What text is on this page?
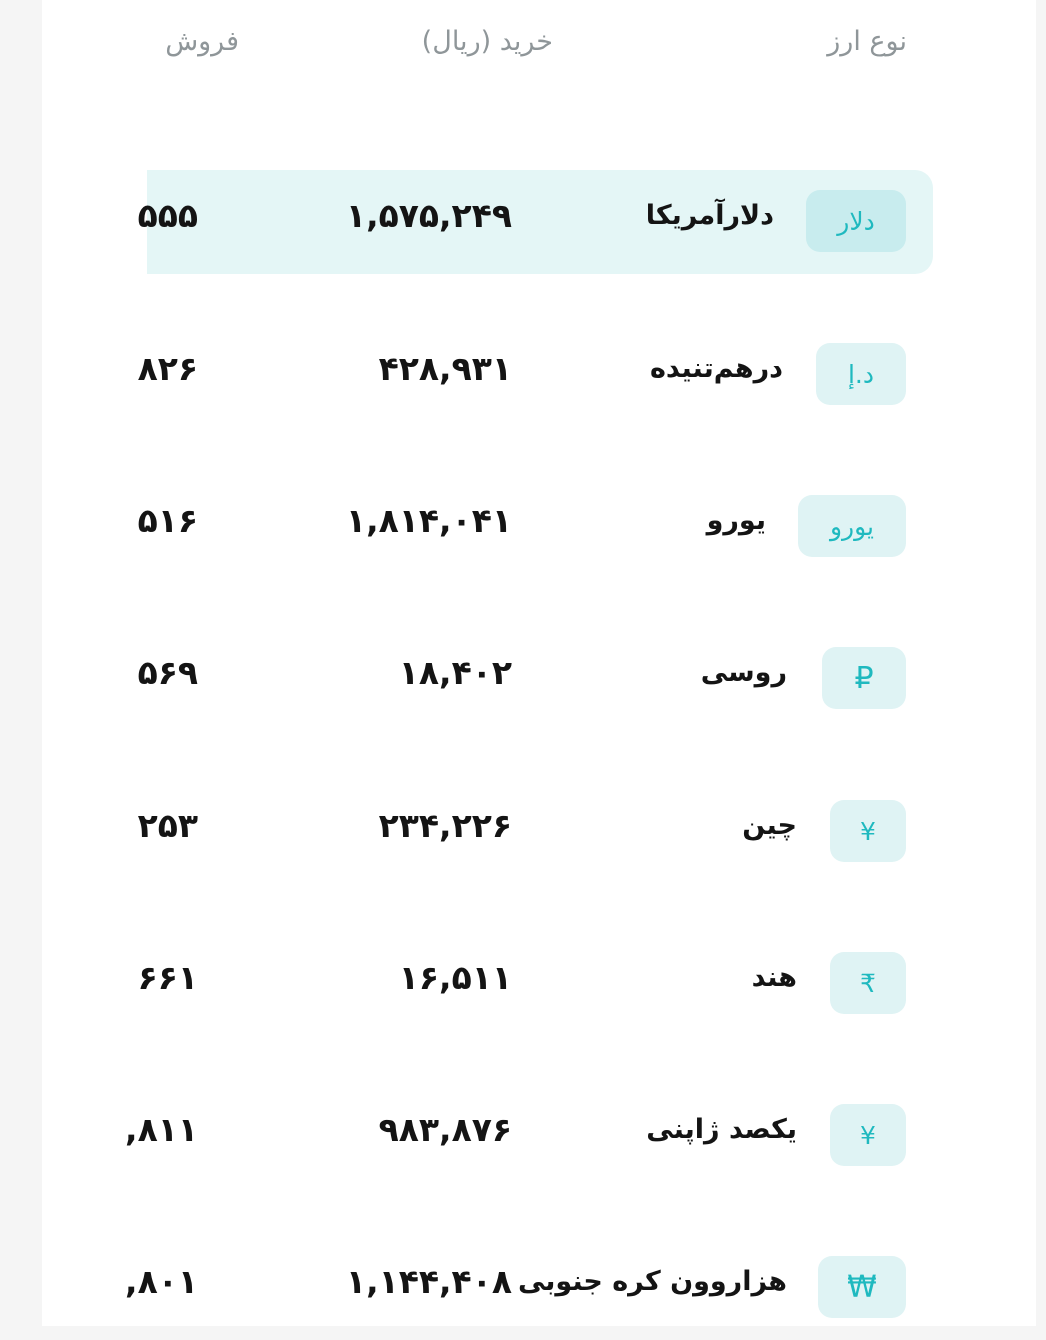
نوع ارز
خرید (ریال)
فروش
دلار
دلارآمریکا
۱,۵۷۵,۲۴۹
۵۵۵
د.إ
درهم‌تنیده
۴۲۸,۹۳۱
۸۲۶
یورو
یورو
۱,۸۱۴,۰۴۱
۵۱۶
₽
روسی
۱۸,۴۰۲
۵۶۹
¥
چین
۲۳۴,۲۲۶
۲۵۳
₹
هند
۱۶,۵۱۱
۶۶۱
¥
یکصد ژاپنی
۹۸۳,۸۷۶
,۸۱۱
₩
هزاروون کره جنوبی
۱,۱۴۴,۴۰۸
,۸۰۱
